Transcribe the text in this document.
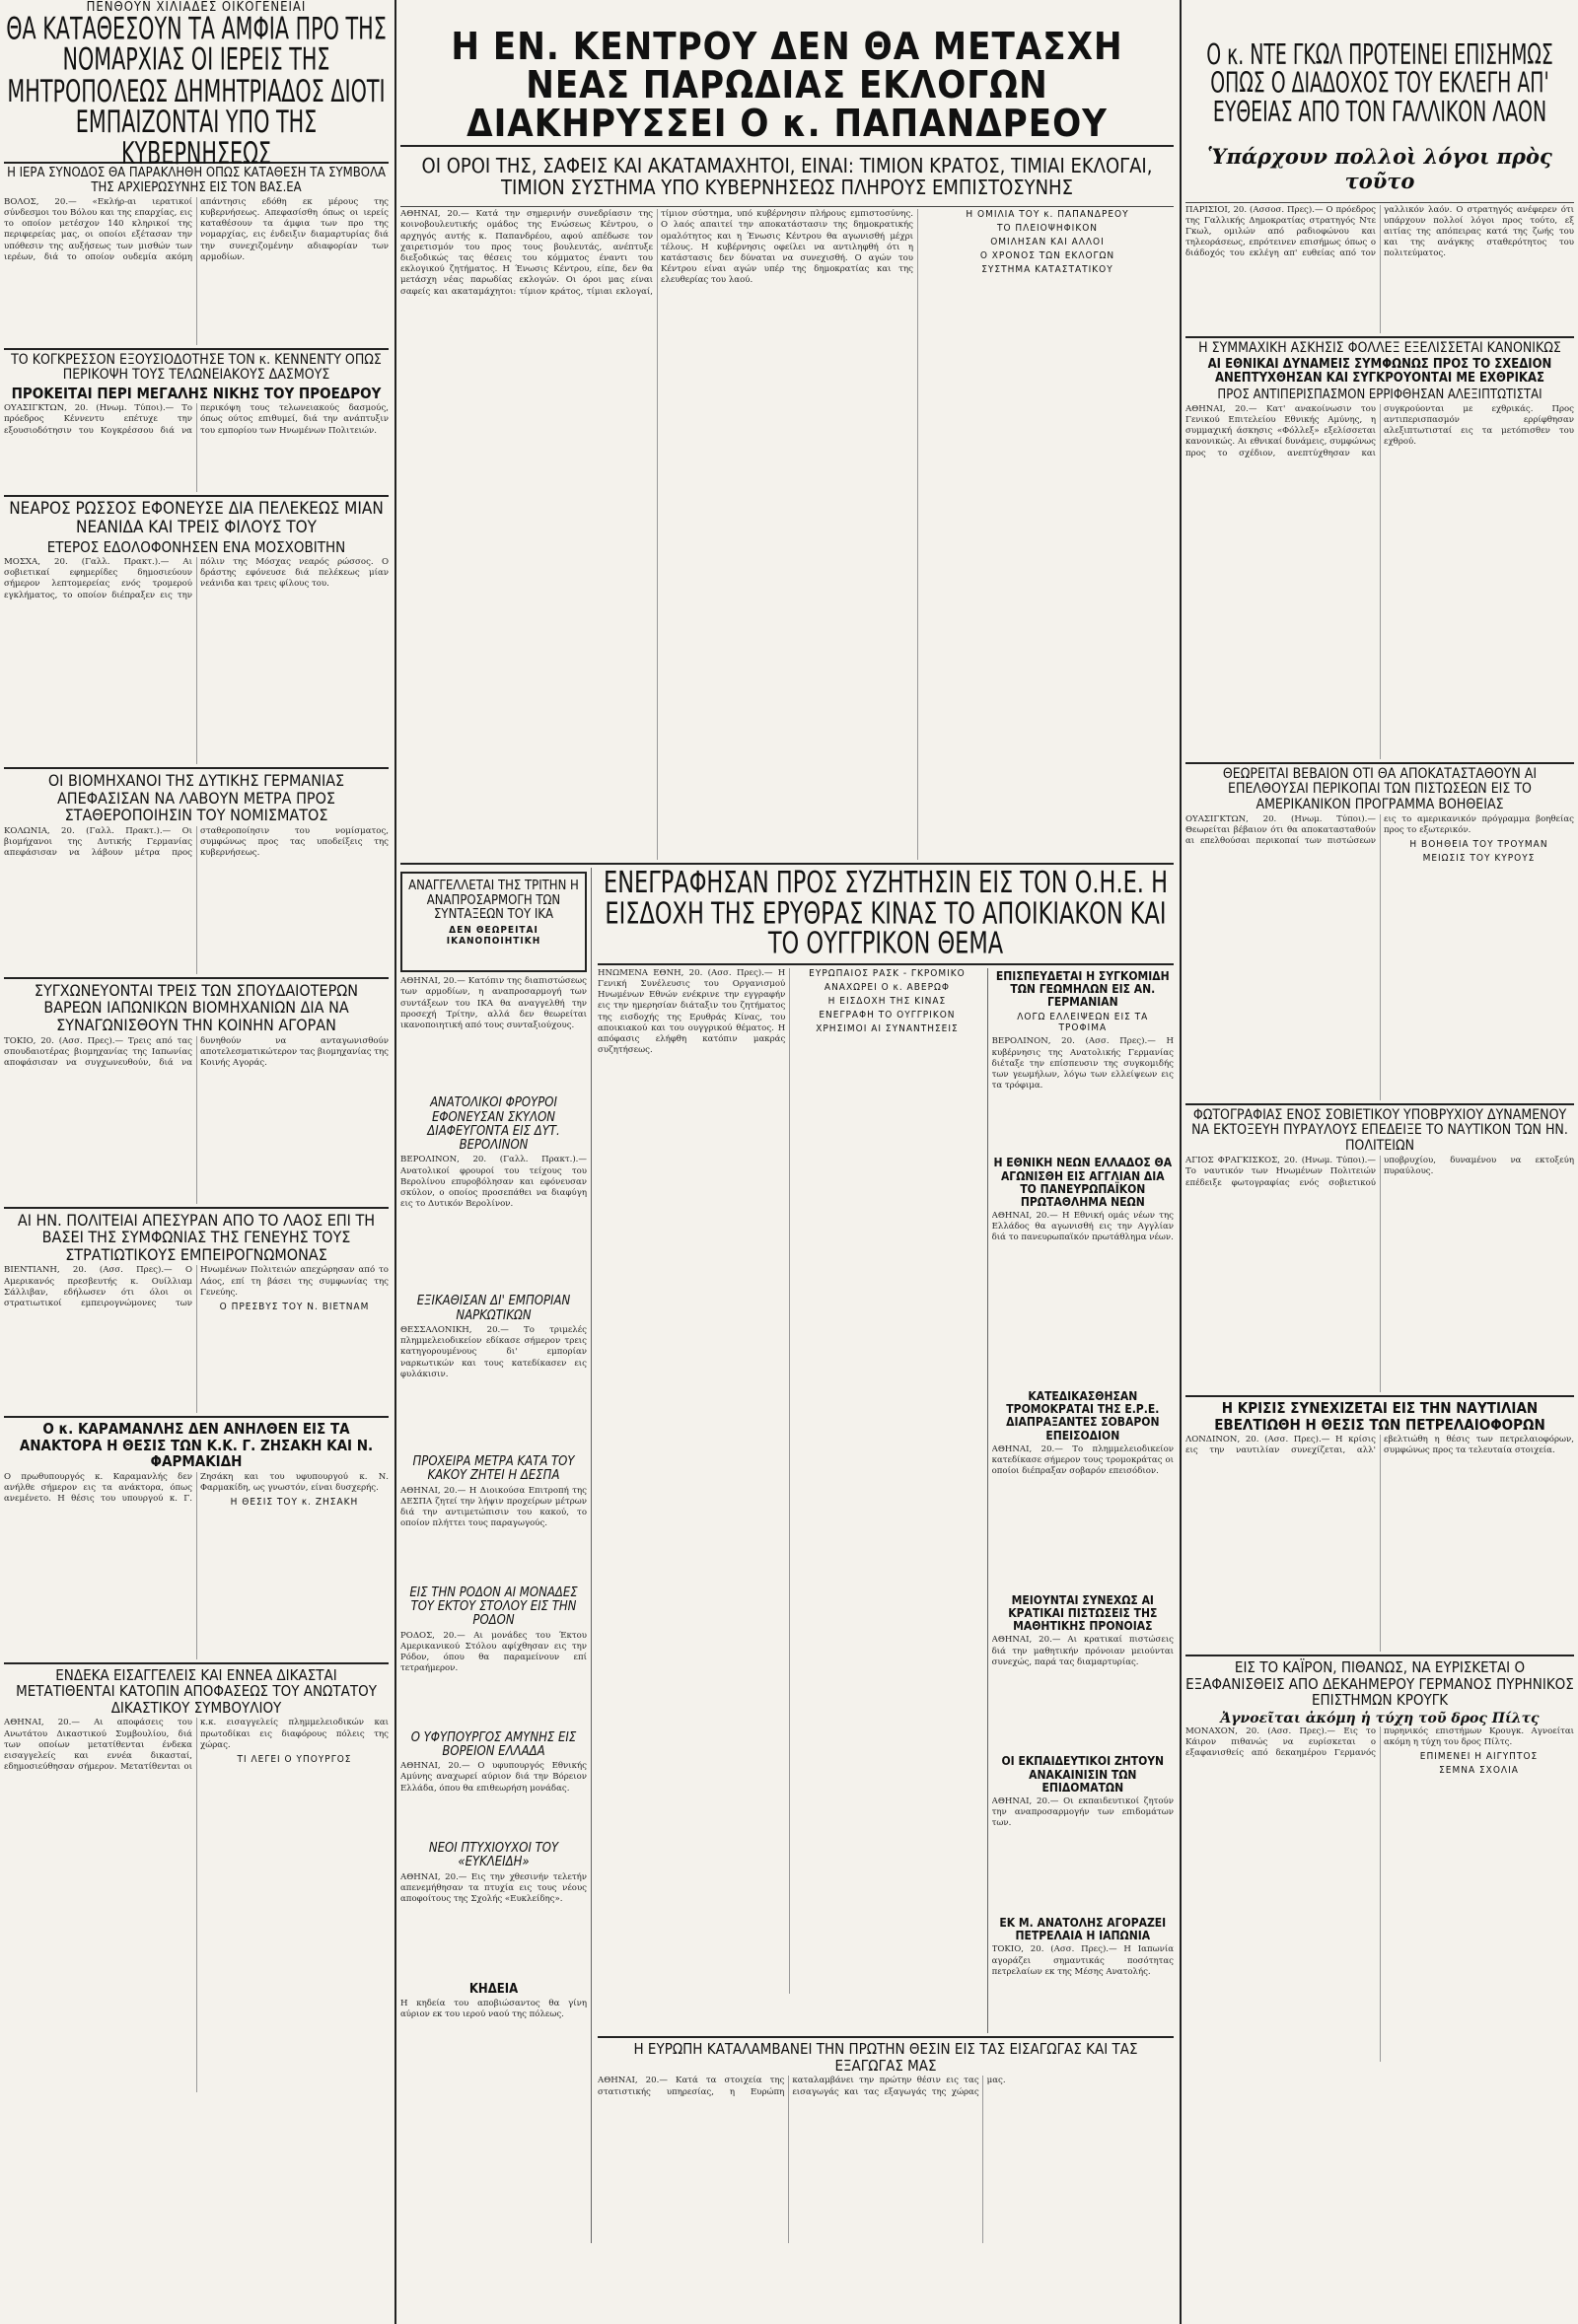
ΠΕΝΘΟΥΝ ΧΙΛΙΑΔΕΣ ΟΙΚΟΓΕΝΕΙΑΙ
ΘΑ ΚΑΤΑΘΕΣΟΥΝ ΤΑ ΑΜΦΙΑ ΠΡΟ ΤΗΣ ΝΟΜΑΡΧΙΑΣ ΟΙ ΙΕΡΕΙΣ ΤΗΣ ΜΗΤΡΟΠΟΛΕΩΣ ΔΗΜΗΤΡΙΑΔΟΣ ΔΙΟΤΙ ΕΜΠΑΙΖΟΝΤΑΙ ΥΠΟ ΤΗΣ ΚΥΒΕΡΝΗΣΕΩΣ
Η ΙΕΡΑ ΣΥΝΟΔΟΣ ΘΑ ΠΑΡΑΚΛΗΘΗ ΟΠΩΣ ΚΑΤΑΘΕΣΗ ΤΑ ΣΥΜΒΟΛΑ ΤΗΣ ΑΡΧΙΕΡΩΣΥΝΗΣ ΕΙΣ ΤΟΝ ΒΑΣ.ΕΑ

ΒΟΛΟΣ, 20.— «Εκλήρ-αι ιερατικοί σύνδεσμοι του Βόλου και της επαρχίας, εις το οποίον μετέσχον 140 κληρικοί της περιφερείας μας, οι οποίοι εξέτασαν την υπόθεσιν της αυξήσεως των μισθών των ιερέων, διά το οποίον ουδεμία ακόμη απάντησις εδόθη εκ μέρους της κυβερνήσεως. Απεφασίσθη όπως οι ιερείς καταθέσουν τα άμφια των προ της νομαρχίας, εις ένδειξιν διαμαρτυρίας διά την συνεχιζομένην αδιαφορίαν των αρμοδίων.

ΤΟ ΚΟΓΚΡΕΣΣΟΝ ΕΞΟΥΣΙΟΔΟΤΗΣΕ ΤΟΝ κ. ΚΕΝΝΕΝΤΥ ΟΠΩΣ ΠΕΡΙΚΟΨΗ ΤΟΥΣ ΤΕΛΩΝΕΙΑΚΟΥΣ ΔΑΣΜΟΥΣ
ΠΡΟΚΕΙΤΑΙ ΠΕΡΙ ΜΕΓΑΛΗΣ ΝΙΚΗΣ ΤΟΥ ΠΡΟΕΔΡΟΥ

ΟΥΑΣΙΓΚΤΩΝ, 20. (Ηνωμ. Τύποι).— Το πρόεδρος Κέννεντυ επέτυχε την εξουσιοδότησιν του Κογκρέσσου διά να περικόψη τους τελωνειακούς δασμούς, όπως ούτος επιθυμεί, διά την ανάπτυξιν του εμπορίου των Ηνωμένων Πολιτειών.

ΝΕΑΡΟΣ ΡΩΣΣΟΣ ΕΦΟΝΕΥΣΕ ΔΙΑ ΠΕΛΕΚΕΩΣ ΜΙΑΝ ΝΕΑΝΙΔΑ ΚΑΙ ΤΡΕΙΣ ΦΙΛΟΥΣ ΤΟΥ
ΕΤΕΡΟΣ ΕΔΟΛΟΦΟΝΗΣΕΝ ΕΝΑ ΜΟΣΧΟΒΙΤΗΝ

ΜΟΣΧΑ, 20. (Γαλλ. Πρακτ.).— Αι σοβιετικαί εφημερίδες δημοσιεύουν σήμερον λεπτομερείας ενός τρομερού εγκλήματος, το οποίον διέπραξεν εις την πόλιν της Μόσχας νεαρός ρώσσος. Ο δράστης εφόνευσε διά πελέκεως μίαν νεάνιδα και τρεις φίλους του.

ΟΙ ΒΙΟΜΗΧΑΝΟΙ ΤΗΣ ΔΥΤΙΚΗΣ ΓΕΡΜΑΝΙΑΣ ΑΠΕΦΑΣΙΣΑΝ ΝΑ ΛΑΒΟΥΝ ΜΕΤΡΑ ΠΡΟΣ ΣΤΑΘΕΡΟΠΟΙΗΣΙΝ ΤΟΥ ΝΟΜΙΣΜΑΤΟΣ

ΚΟΛΩΝΙΑ, 20. (Γαλλ. Πρακτ.).— Οι βιομήχανοι της Δυτικής Γερμανίας απεφάσισαν να λάβουν μέτρα προς σταθεροποίησιν του νομίσματος, συμφώνως προς τας υποδείξεις της κυβερνήσεως.

ΣΥΓΧΩΝΕΥΟΝΤΑΙ ΤΡΕΙΣ ΤΩΝ ΣΠΟΥΔΑΙΟΤΕΡΩΝ ΒΑΡΕΩΝ ΙΑΠΩΝΙΚΩΝ ΒΙΟΜΗΧΑΝΙΩΝ ΔΙΑ ΝΑ ΣΥΝΑΓΩΝΙΣΘΟΥΝ ΤΗΝ ΚΟΙΝΗΝ ΑΓΟΡΑΝ

ΤΟΚΙΟ, 20. (Ασσ. Πρες).— Τρεις από τας σπουδαιοτέρας βιομηχανίας της Ιαπωνίας αποφάσισαν να συγχωνευθούν, διά να δυνηθούν να ανταγωνισθούν αποτελεσματικώτερον τας βιομηχανίας της Κοινής Αγοράς.

ΑΙ ΗΝ. ΠΟΛΙΤΕΙΑΙ ΑΠΕΣΥΡΑΝ ΑΠΟ ΤΟ ΛΑΟΣ ΕΠΙ ΤΗ ΒΑΣΕΙ ΤΗΣ ΣΥΜΦΩΝΙΑΣ ΤΗΣ ΓΕΝΕΥΗΣ ΤΟΥΣ ΣΤΡΑΤΙΩΤΙΚΟΥΣ ΕΜΠΕΙΡΟΓΝΩΜΟΝΑΣ

ΒΙΕΝΤΙΑΝΗ, 20. (Ασσ. Πρες).— Ο Αμερικανός πρεσβευτής κ. Ουίλλιαμ Σάλλιβαν, εδήλωσεν ότι όλοι οι στρατιωτικοί εμπειρογνώμονες των Ηνωμένων Πολιτειών απεχώρησαν από το Λάος, επί τη βάσει της συμφωνίας της Γενεύης.

Ο ΠΡΕΣΒΥΣ ΤΟΥ Ν. ΒΙΕΤΝΑΜ
Ο κ. ΚΑΡΑΜΑΝΛΗΣ ΔΕΝ ΑΝΗΛΘΕΝ ΕΙΣ ΤΑ ΑΝΑΚΤΟΡΑ Η ΘΕΣΙΣ ΤΩΝ Κ.Κ. Γ. ΖΗΣΑΚΗ ΚΑΙ Ν. ΦΑΡΜΑΚΙΔΗ

Ο πρωθυπουργός κ. Καραμανλής δεν ανήλθε σήμερον εις τα ανάκτορα, όπως ανεμένετο. Η θέσις του υπουργού κ. Γ. Ζησάκη και του υφυπουργού κ. Ν. Φαρμακίδη, ως γνωστόν, είναι δυσχερής.

Η ΘΕΣΙΣ ΤΟΥ κ. ΖΗΣΑΚΗ
ΕΝΔΕΚΑ ΕΙΣΑΓΓΕΛΕΙΣ ΚΑΙ ΕΝΝΕΑ ΔΙΚΑΣΤΑΙ ΜΕΤΑΤΙΘΕΝΤΑΙ ΚΑΤΟΠΙΝ ΑΠΟΦΑΣΕΩΣ ΤΟΥ ΑΝΩΤΑΤΟΥ ΔΙΚΑΣΤΙΚΟΥ ΣΥΜΒΟΥΛΙΟΥ

ΑΘΗΝΑΙ, 20.— Αι αποφάσεις του Ανωτάτου Δικαστικού Συμβουλίου, διά των οποίων μετατίθενται ένδεκα εισαγγελείς και εννέα δικασταί, εδημοσιεύθησαν σήμερον. Μετατίθενται οι κ.κ. εισαγγελείς πλημμελειοδικών και πρωτοδίκαι εις διαφόρους πόλεις της χώρας.

ΤΙ ΛΕΓΕΙ Ο ΥΠΟΥΡΓΟΣ
Η ΕΝ. ΚΕΝΤΡΟΥ ΔΕΝ ΘΑ ΜΕΤΑΣΧΗ ΝΕΑΣ ΠΑΡΩΔΙΑΣ ΕΚΛΟΓΩΝ ΔΙΑΚΗΡΥΣΣΕΙ Ο κ. ΠΑΠΑΝΔΡΕΟΥ
ΟΙ ΟΡΟΙ ΤΗΣ, ΣΑΦΕΙΣ ΚΑΙ ΑΚΑΤΑΜΑΧΗΤΟΙ, ΕΙΝΑΙ: ΤΙΜΙΟΝ ΚΡΑΤΟΣ, ΤΙΜΙΑΙ ΕΚΛΟΓΑΙ, ΤΙΜΙΟΝ ΣΥΣΤΗΜΑ ΥΠΟ ΚΥΒΕΡΝΗΣΕΩΣ ΠΛΗΡΟΥΣ ΕΜΠΙΣΤΟΣΥΝΗΣ

ΑΘΗΝΑΙ, 20.— Κατά την σημερινήν συνεδρίασιν της κοινοβουλευτικής ομάδος της Ενώσεως Κέντρου, ο αρχηγός αυτής κ. Παπανδρέου, αφού απέδωσε τον χαιρετισμόν του προς τους βουλευτάς, ανέπτυξε διεξοδικώς τας θέσεις του κόμματος έναντι του εκλογικού ζητήματος. Η Ένωσις Κέντρου, είπε, δεν θα μετάσχη νέας παρωδίας εκλογών. Οι όροι μας είναι σαφείς και ακαταμάχητοι: τίμιον κράτος, τίμιαι εκλογαί, τίμιον σύστημα, υπό κυβέρνησιν πλήρους εμπιστοσύνης. Ο λαός απαιτεί την αποκατάστασιν της δημοκρατικής ομαλότητος και η Ένωσις Κέντρου θα αγωνισθή μέχρι τέλους. Η κυβέρνησις οφείλει να αντιληφθή ότι η κατάστασις δεν δύναται να συνεχισθή. Ο αγών του Κέντρου είναι αγών υπέρ της δημοκρατίας και της ελευθερίας του λαού.

Η ΟΜΙΛΙΑ ΤΟΥ κ. ΠΑΠΑΝΔΡΕΟΥ
ΤΟ ΠΛΕΙΟΨΗΦΙΚΟΝ
ΟΜΙΛΗΣΑΝ ΚΑΙ ΑΛΛΟΙ
Ο ΧΡΟΝΟΣ ΤΩΝ ΕΚΛΟΓΩΝ
ΣΥΣΤΗΜΑ ΚΑΤΑΣΤΑΤΙΚΟΥ
ΑΝΑΓΓΕΛΛΕΤΑΙ ΤΗΣ ΤΡΙΤΗΝ Η ΑΝΑΠΡΟΣΑΡΜΟΓΗ ΤΩΝ ΣΥΝΤΑΞΕΩΝ ΤΟΥ ΙΚΑ
ΔΕΝ ΘΕΩΡΕΙΤΑΙ ΙΚΑΝΟΠΟΙΗΤΙΚΗ

ΑΘΗΝΑΙ, 20.— Κατόπιν της διαπιστώσεως των αρμοδίων, η αναπροσαρμογή των συντάξεων του ΙΚΑ θα αναγγελθή την προσεχή Τρίτην, αλλά δεν θεωρείται ικανοποιητική από τους συνταξιούχους.

ΑΝΑΤΟΛΙΚΟΙ ΦΡΟΥΡΟΙ ΕΦΟΝΕΥΣΑΝ ΣΚΥΛΟΝ ΔΙΑΦΕΥΓΟΝΤΑ ΕΙΣ ΔΥΤ. ΒΕΡΟΛΙΝΟΝ

ΒΕΡΟΛΙΝΟΝ, 20. (Γαλλ. Πρακτ.).— Ανατολικοί φρουροί του τείχους του Βερολίνου επυροβόλησαν και εφόνευσαν σκύλον, ο οποίος προσεπάθει να διαφύγη εις το Δυτικόν Βερολίνον.

ΕΞΙΚΑΘΙΣΑΝ ΔΙ' ΕΜΠΟΡΙΑΝ ΝΑΡΚΩΤΙΚΩΝ

ΘΕΣΣΑΛΟΝΙΚΗ, 20.— Το τριμελές πλημμελειοδικείον εδίκασε σήμερον τρεις κατηγορουμένους δι' εμπορίαν ναρκωτικών και τους κατεδίκασεν εις φυλάκισιν.

ΠΡΟΧΕΙΡΑ ΜΕΤΡΑ ΚΑΤΑ ΤΟΥ ΚΑΚΟΥ ΖΗΤΕΙ Η ΔΕΣΠΑ

ΑΘΗΝΑΙ, 20.— Η Διοικούσα Επιτροπή της ΔΕΣΠΑ ζητεί την λήψιν προχείρων μέτρων διά την αντιμετώπισιν του κακού, το οποίον πλήττει τους παραγωγούς.

ΕΙΣ ΤΗΝ ΡΟΔΟΝ ΑΙ ΜΟΝΑΔΕΣ ΤΟΥ ΕΚΤΟΥ ΣΤΟΛΟΥ ΕΙΣ ΤΗΝ ΡΟΔΟΝ

ΡΟΔΟΣ, 20.— Αι μονάδες του Έκτου Αμερικανικού Στόλου αφίχθησαν εις την Ρόδον, όπου θα παραμείνουν επί τετραήμερον.

Ο ΥΦΥΠΟΥΡΓΟΣ ΑΜΥΝΗΣ ΕΙΣ ΒΟΡΕΙΟΝ ΕΛΛΑΔΑ

ΑΘΗΝΑΙ, 20.— Ο υφυπουργός Εθνικής Αμύνης αναχωρεί αύριον διά την Βόρειον Ελλάδα, όπου θα επιθεωρήση μονάδας.

ΝΕΟΙ ΠΤΥΧΙΟΥΧΟΙ ΤΟΥ «ΕΥΚΛΕΙΔΗ»

ΑΘΗΝΑΙ, 20.— Εις την χθεσινήν τελετήν απενεμήθησαν τα πτυχία εις τους νέους αποφοίτους της Σχολής «Ευκλείδης».

ΚΗΔΕΙΑ

Η κηδεία του αποβιώσαντος θα γίνη αύριον εκ του ιερού ναού της πόλεως.

ΕΝΕΓΡΑΦΗΣΑΝ ΠΡΟΣ ΣΥΖΗΤΗΣΙΝ ΕΙΣ ΤΟΝ Ο.Η.Ε. Η ΕΙΣΔΟΧΗ ΤΗΣ ΕΡΥΘΡΑΣ ΚΙΝΑΣ ΤΟ ΑΠΟΙΚΙΑΚΟΝ ΚΑΙ ΤΟ ΟΥΓΓΡΙΚΟΝ ΘΕΜΑ

ΗΝΩΜΕΝΑ ΕΘΝΗ, 20. (Ασσ. Πρες).— Η Γενική Συνέλευσις του Οργανισμού Ηνωμένων Εθνών ενέκρινε την εγγραφήν εις την ημερησίαν διάταξιν του ζητήματος της εισδοχής της Ερυθράς Κίνας, του αποικιακού και του ουγγρικού θέματος. Η απόφασις ελήφθη κατόπιν μακράς συζητήσεως.

ΕΥΡΩΠΑΙΟΣ ΡΑΣΚ - ΓΚΡΟΜΙΚΟ
ΑΝΑΧΩΡΕΙ Ο κ. ΑΒΕΡΩΦ
Η ΕΙΣΔΟΧΗ ΤΗΣ ΚΙΝΑΣ
ΕΝΕΓΡΑΦΗ ΤΟ ΟΥΓΓΡΙΚΟΝ
ΧΡΗΣΙΜΟΙ ΑΙ ΣΥΝΑΝΤΗΣΕΙΣ
ΕΠΙΣΠΕΥΔΕΤΑΙ Η ΣΥΓΚΟΜΙΔΗ ΤΩΝ ΓΕΩΜΗΛΩΝ ΕΙΣ ΑΝ. ΓΕΡΜΑΝΙΑΝ
ΛΟΓΩ ΕΛΛΕΙΨΕΩΝ ΕΙΣ ΤΑ ΤΡΟΦΙΜΑ

ΒΕΡΟΛΙΝΟΝ, 20. (Ασσ. Πρες).— Η κυβέρνησις της Ανατολικής Γερμανίας διέταξε την επίσπευσιν της συγκομιδής των γεωμήλων, λόγω των ελλείψεων εις τα τρόφιμα.

Η ΕΘΝΙΚΗ ΝΕΩΝ ΕΛΛΑΔΟΣ ΘΑ ΑΓΩΝΙΣΘΗ ΕΙΣ ΑΓΓΛΙΑΝ ΔΙΑ ΤΟ ΠΑΝΕΥΡΩΠΑΪΚΟΝ ΠΡΩΤΑΘΛΗΜΑ ΝΕΩΝ

ΑΘΗΝΑΙ, 20.— Η Εθνική ομάς νέων της Ελλάδος θα αγωνισθή εις την Αγγλίαν διά το πανευρωπαϊκόν πρωτάθλημα νέων.

ΚΑΤΕΔΙΚΑΣΘΗΣΑΝ ΤΡΟΜΟΚΡΑΤΑΙ ΤΗΣ Ε.Ρ.Ε. ΔΙΑΠΡΑΞΑΝΤΕΣ ΣΟΒΑΡΟΝ ΕΠΕΙΣΟΔΙΟΝ

ΑΘΗΝΑΙ, 20.— Το πλημμελειοδικείον κατεδίκασε σήμερον τους τρομοκράτας οι οποίοι διέπραξαν σοβαρόν επεισόδιον.

ΜΕΙΟΥΝΤΑΙ ΣΥΝΕΧΩΣ ΑΙ ΚΡΑΤΙΚΑΙ ΠΙΣΤΩΣΕΙΣ ΤΗΣ ΜΑΘΗΤΙΚΗΣ ΠΡΟΝΟΙΑΣ

ΑΘΗΝΑΙ, 20.— Αι κρατικαί πιστώσεις διά την μαθητικήν πρόνοιαν μειούνται συνεχώς, παρά τας διαμαρτυρίας.

ΟΙ ΕΚΠΑΙΔΕΥΤΙΚΟΙ ΖΗΤΟΥΝ ΑΝΑΚΑΙΝΙΣΙΝ ΤΩΝ ΕΠΙΔΟΜΑΤΩΝ

ΑΘΗΝΑΙ, 20.— Οι εκπαιδευτικοί ζητούν την αναπροσαρμογήν των επιδομάτων των.

ΕΚ Μ. ΑΝΑΤΟΛΗΣ ΑΓΟΡΑΖΕΙ ΠΕΤΡΕΛΑΙΑ Η ΙΑΠΩΝΙΑ

ΤΟΚΙΟ, 20. (Ασσ. Πρες).— Η Ιαπωνία αγοράζει σημαντικάς ποσότητας πετρελαίων εκ της Μέσης Ανατολής.

Η ΕΥΡΩΠΗ ΚΑΤΑΛΑΜΒΑΝΕΙ ΤΗΝ ΠΡΩΤΗΝ ΘΕΣΙΝ ΕΙΣ ΤΑΣ ΕΙΣΑΓΩΓΑΣ ΚΑΙ ΤΑΣ ΕΞΑΓΩΓΑΣ ΜΑΣ

ΑΘΗΝΑΙ, 20.— Κατά τα στοιχεία της στατιστικής υπηρεσίας, η Ευρώπη καταλαμβάνει την πρώτην θέσιν εις τας εισαγωγάς και τας εξαγωγάς της χώρας μας.

Ο κ. ΝΤΕ ΓΚΩΛ ΠΡΟΤΕΙΝΕΙ ΕΠΙΣΗΜΩΣ ΟΠΩΣ Ο ΔΙΑΔΟΧΟΣ ΤΟΥ ΕΚΛΕΓΗ ΑΠ' ΕΥΘΕΙΑΣ ΑΠΟ ΤΟΝ ΓΑΛΛΙΚΟΝ ΛΑΟΝ
Ὑπάρχουν πολλοὶ λόγοι πρὸς τοῦτο

ΠΑΡΙΣΙΟΙ, 20. (Ασσοσ. Πρες).— Ο πρόεδρος της Γαλλικής Δημοκρατίας στρατηγός Ντε Γκωλ, ομιλών από ραδιοφώνου και τηλεοράσεως, επρότεινεν επισήμως όπως ο διάδοχός του εκλέγη απ' ευθείας από τον γαλλικόν λαόν. Ο στρατηγός ανέφερεν ότι υπάρχουν πολλοί λόγοι προς τούτο, εξ αιτίας της απόπειρας κατά της ζωής του και της ανάγκης σταθερότητος του πολιτεύματος.

Η ΣΥΜΜΑΧΙΚΗ ΑΣΚΗΣΙΣ ΦΟΛΛΕΞ ΕΞΕΛΙΣΣΕΤΑΙ ΚΑΝΟΝΙΚΩΣ
ΑΙ ΕΘΝΙΚΑΙ ΔΥΝΑΜΕΙΣ ΣΥΜΦΩΝΩΣ ΠΡΟΣ ΤΟ ΣΧΕΔΙΟΝ ΑΝΕΠΤΥΧΘΗΣΑΝ ΚΑΙ ΣΥΓΚΡΟΥΟΝΤΑΙ ΜΕ ΕΧΘΡΙΚΑΣ
ΠΡΟΣ ΑΝΤΙΠΕΡΙΣΠΑΣΜΟΝ ΕΡΡΙΦΘΗΣΑΝ ΑΛΕΞΙΠΤΩΤΙΣΤΑΙ

ΑΘΗΝΑΙ, 20.— Κατ' ανακοίνωσιν του Γενικού Επιτελείου Εθνικής Αμύνης, η συμμαχική άσκησις «Φόλλεξ» εξελίσσεται κανονικώς. Αι εθνικαί δυνάμεις, συμφώνως προς το σχέδιον, ανεπτύχθησαν και συγκρούονται με εχθρικάς. Προς αντιπερισπασμόν ερρίφθησαν αλεξιπτωτισταί εις τα μετόπισθεν του εχθρού.

ΘΕΩΡΕΙΤΑΙ ΒΕΒΑΙΟΝ ΟΤΙ ΘΑ ΑΠΟΚΑΤΑΣΤΑΘΟΥΝ ΑΙ ΕΠΕΛΘΟΥΣΑΙ ΠΕΡΙΚΟΠΑΙ ΤΩΝ ΠΙΣΤΩΣΕΩΝ ΕΙΣ ΤΟ ΑΜΕΡΙΚΑΝΙΚΟΝ ΠΡΟΓΡΑΜΜΑ ΒΟΗΘΕΙΑΣ

ΟΥΑΣΙΓΚΤΩΝ, 20. (Ηνωμ. Τύποι).— Θεωρείται βέβαιον ότι θα αποκατασταθούν αι επελθούσαι περικοπαί των πιστώσεων εις το αμερικανικόν πρόγραμμα βοηθείας προς το εξωτερικόν.

Η ΒΟΗΘΕΙΑ ΤΟΥ ΤΡΟΥΜΑΝ
ΜΕΙΩΣΙΣ ΤΟΥ ΚΥΡΟΥΣ
ΦΩΤΟΓΡΑΦΙΑΣ ΕΝΟΣ ΣΟΒΙΕΤΙΚΟΥ ΥΠΟΒΡΥΧΙΟΥ ΔΥΝΑΜΕΝΟΥ ΝΑ ΕΚΤΟΞΕΥΗ ΠΥΡΑΥΛΟΥΣ ΕΠΕΔΕΙΞΕ ΤΟ ΝΑΥΤΙΚΟΝ ΤΩΝ ΗΝ. ΠΟΛΙΤΕΙΩΝ

ΑΓΙΟΣ ΦΡΑΓΚΙΣΚΟΣ, 20. (Ηνωμ. Τύποι).— Το ναυτικόν των Ηνωμένων Πολιτειών επέδειξε φωτογραφίας ενός σοβιετικού υποβρυχίου, δυναμένου να εκτοξεύη πυραύλους.

Η ΚΡΙΣΙΣ ΣΥΝΕΧΙΖΕΤΑΙ ΕΙΣ ΤΗΝ ΝΑΥΤΙΛΙΑΝ ΕΒΕΛΤΙΩΘΗ Η ΘΕΣΙΣ ΤΩΝ ΠΕΤΡΕΛΑΙΟΦΟΡΩΝ

ΛΟΝΔΙΝΟΝ, 20. (Ασσ. Πρες).— Η κρίσις εις την ναυτιλίαν συνεχίζεται, αλλ' εβελτιώθη η θέσις των πετρελαιοφόρων, συμφώνως προς τα τελευταία στοιχεία.

ΕΙΣ ΤΟ ΚΑΪΡΟΝ, ΠΙΘΑΝΩΣ, ΝΑ ΕΥΡΙΣΚΕΤΑΙ Ο ΕΞΑΦΑΝΙΣΘΕΙΣ ΑΠΟ ΔΕΚΑΗΜΕΡΟΥ ΓΕΡΜΑΝΟΣ ΠΥΡΗΝΙΚΟΣ ΕΠΙΣΤΗΜΩΝ ΚΡΟΥΓΚ
Ἀγνοεῖται ἀκόμη ἡ τύχη τοῦ δρος Πίλτς

ΜΟΝΑΧΟΝ, 20. (Ασσ. Πρες).— Εις το Κάιρον πιθανώς να ευρίσκεται ο εξαφανισθείς από δεκαημέρου Γερμανός πυρηνικός επιστήμων Κρουγκ. Αγνοείται ακόμη η τύχη του δρος Πίλτς.

ΕΠΙΜΕΝΕΙ Η ΑΙΓΥΠΤΟΣ
ΣΕΜΝΑ ΣΧΟΛΙΑ
